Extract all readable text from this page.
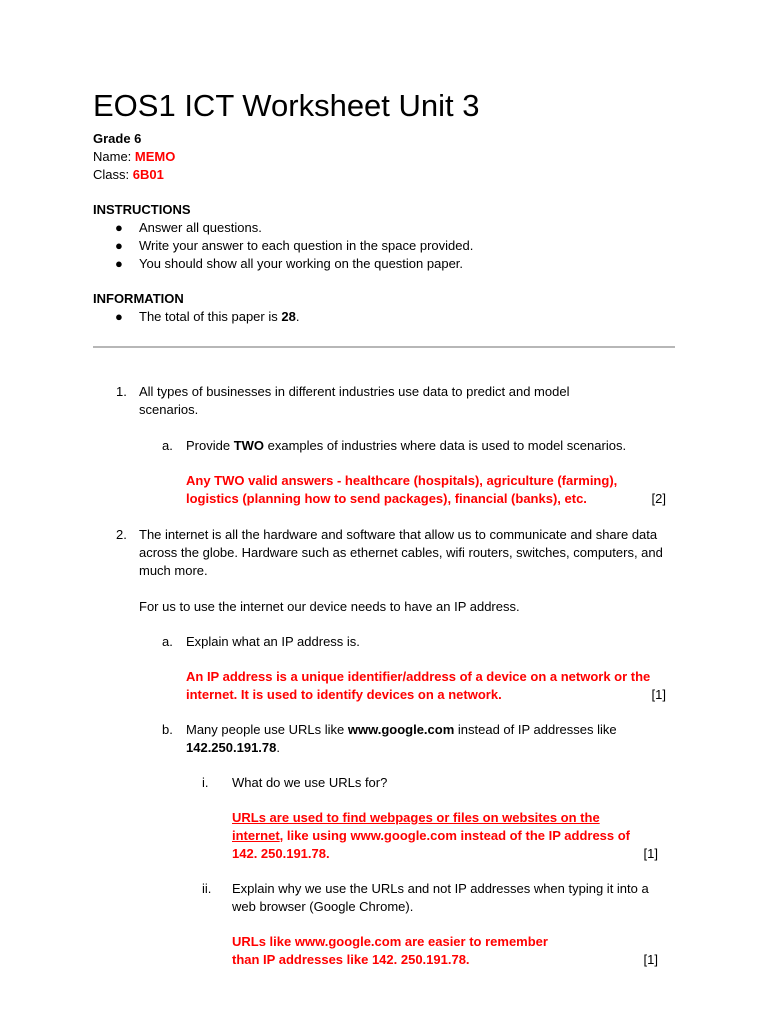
EOS1 ICT Worksheet Unit 3
Grade 6
Name: MEMO
Class: 6B01
INSTRUCTIONS
● Answer all questions.
● Write your answer to each question in the space provided.
● You should show all your working on the question paper.
INFORMATION
● The total of this paper is 28.
1. All types of businesses in different industries use data to predict and model scenarios.

a. Provide TWO examples of industries where data is used to model scenarios.

Any TWO valid answers - healthcare (hospitals), agriculture (farming), logistics (planning how to send packages), financial (banks), etc.	[2]
2. The internet is all the hardware and software that allow us to communicate and share data across the globe. Hardware such as ethernet cables, wifi routers, switches, computers, and much more.

For us to use the internet our device needs to have an IP address.

a. Explain what an IP address is.

An IP address is a unique identifier/address of a device on a network or the internet. It is used to identify devices on a network.	[1]
b. Many people use URLs like www.google.com instead of IP addresses like 142.250.191.78.

i. What do we use URLs for?

URLs are used to find webpages or files on websites on the internet, like using www.google.com instead of the IP address of 142. 250.191.78.	[1]
ii. Explain why we use the URLs and not IP addresses when typing it into a web browser (Google Chrome).

URLs like www.google.com are easier to remember

than IP addresses like 142. 250.191.78.	[1]
